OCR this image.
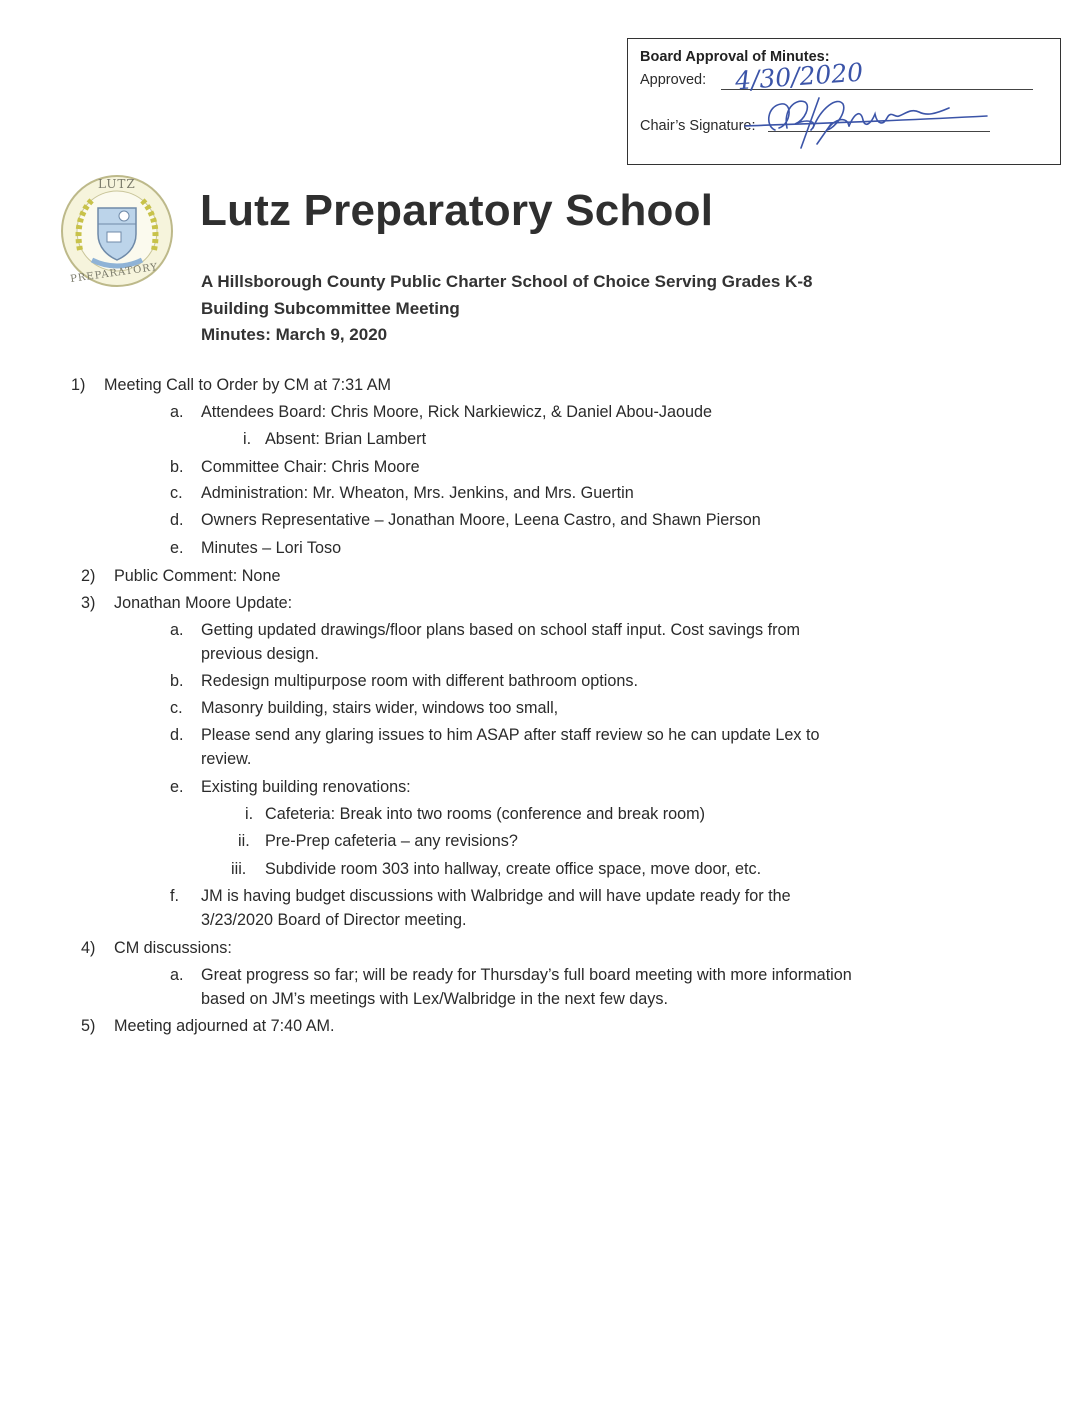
Board Approval of Minutes:
Approved:
Chair’s Signature:
4/30/2020
LUTZ
PREPARATORY
Lutz Preparatory School
A Hillsborough County Public Charter School of Choice Serving Grades K-8
Building Subcommittee Meeting
Minutes: March 9, 2020
1) Meeting Call to Order by CM at 7:31 AM
a. Attendees Board: Chris Moore, Rick Narkiewicz, & Daniel Abou-Jaoude
i. Absent: Brian Lambert
b. Committee Chair: Chris Moore
c. Administration: Mr. Wheaton, Mrs. Jenkins, and Mrs. Guertin
d. Owners Representative – Jonathan Moore, Leena Castro, and Shawn Pierson
e. Minutes – Lori Toso
2) Public Comment: None
3) Jonathan Moore Update:
a. Getting updated drawings/floor plans based on school staff input. Cost savings from
previous design.
b. Redesign multipurpose room with different bathroom options.
c. Masonry building, stairs wider, windows too small,
d. Please send any glaring issues to him ASAP after staff review so he can update Lex to
review.
e. Existing building renovations:
i. Cafeteria: Break into two rooms (conference and break room)
ii. Pre-Prep cafeteria – any revisions?
iii. Subdivide room 303 into hallway, create office space, move door, etc.
f. JM is having budget discussions with Walbridge and will have update ready for the
3/23/2020 Board of Director meeting.
4) CM discussions:
a. Great progress so far; will be ready for Thursday’s full board meeting with more information
based on JM’s meetings with Lex/Walbridge in the next few days.
5) Meeting adjourned at 7:40 AM.
